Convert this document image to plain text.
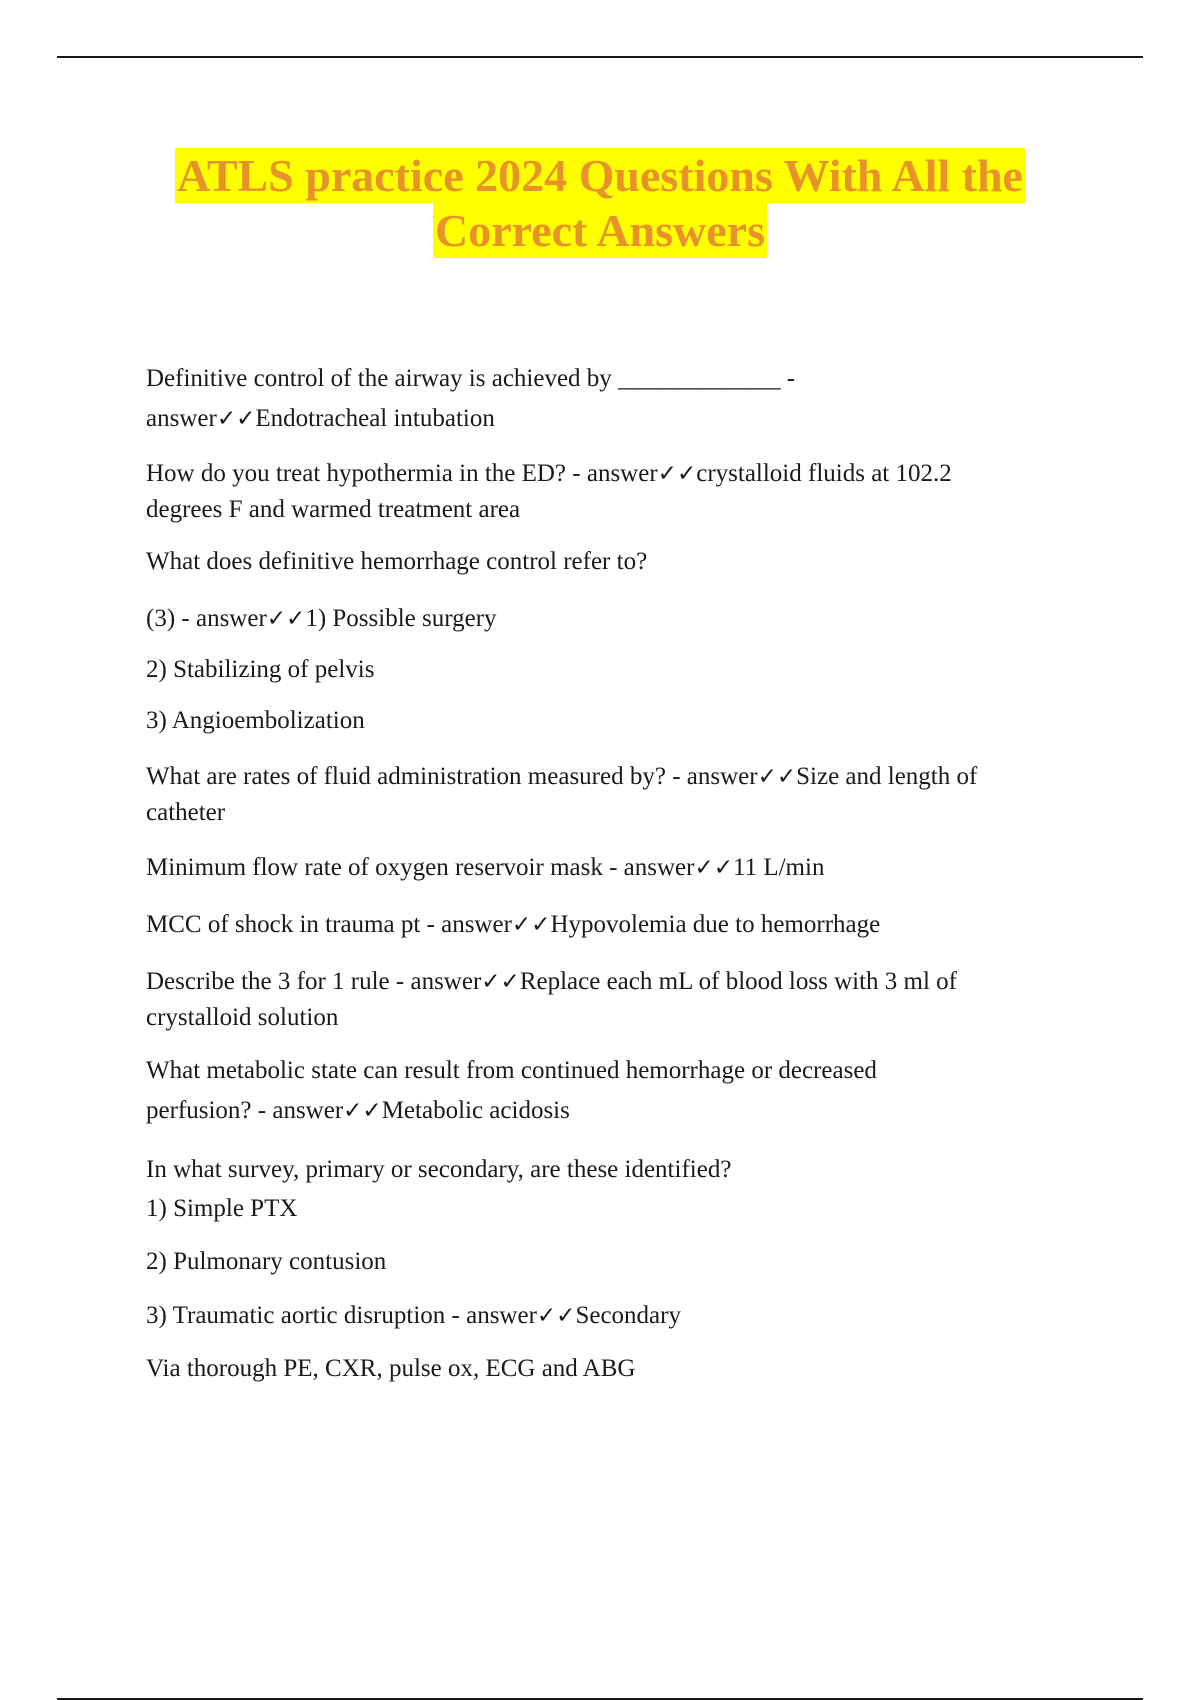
ATLS practice 2024 Questions With All the
Correct Answers
Definitive control of the airway is achieved by _____________ -
answer✓✓Endotracheal intubation
How do you treat hypothermia in the ED? - answer✓✓crystalloid fluids at 102.2
degrees F and warmed treatment area
What does definitive hemorrhage control refer to?
(3) - answer✓✓1) Possible surgery
2) Stabilizing of pelvis
3) Angioembolization
What are rates of fluid administration measured by? - answer✓✓Size and length of
catheter
Minimum flow rate of oxygen reservoir mask - answer✓✓11 L/min
MCC of shock in trauma pt - answer✓✓Hypovolemia due to hemorrhage
Describe the 3 for 1 rule - answer✓✓Replace each mL of blood loss with 3 ml of
crystalloid solution
What metabolic state can result from continued hemorrhage or decreased
perfusion? - answer✓✓Metabolic acidosis
In what survey, primary or secondary, are these identified?
1) Simple PTX
2) Pulmonary contusion
3) Traumatic aortic disruption - answer✓✓Secondary
Via thorough PE, CXR, pulse ox, ECG and ABG
